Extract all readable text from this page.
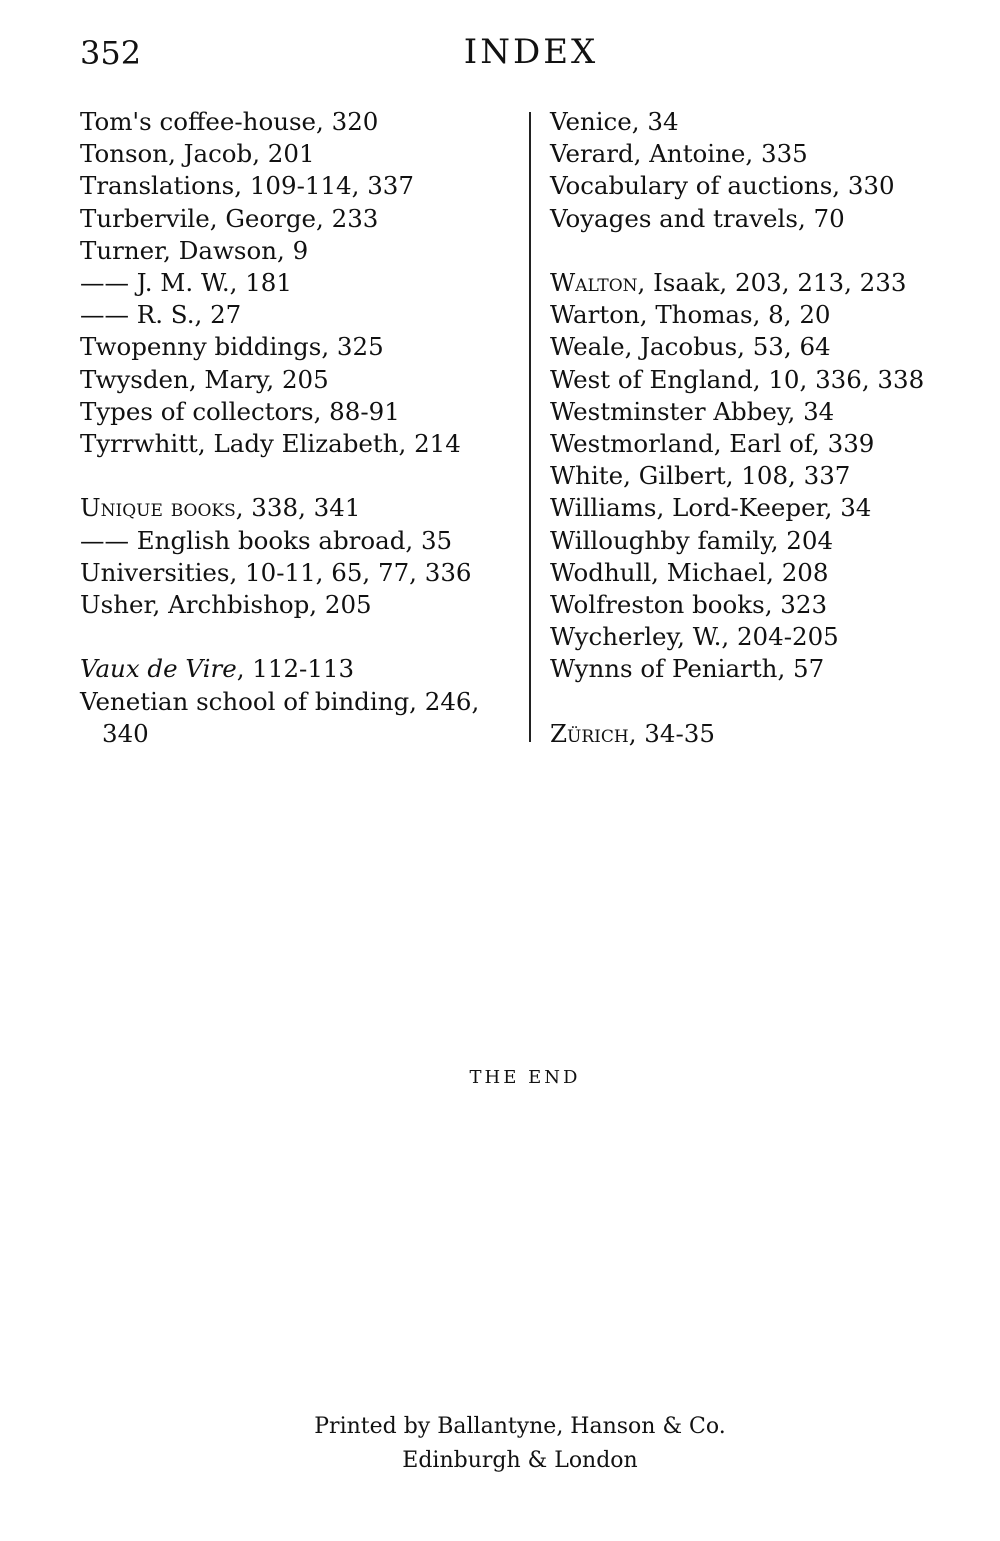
352	INDEX
Tom's coffee-house, 320
Tonson, Jacob, 201
Translations, 109-114, 337
Turbervile, George, 233
Turner, Dawson, 9
—— J. M. W., 181
—— R. S., 27
Twopenny biddings, 325
Twysden, Mary, 205
Types of collectors, 88-91
Tyrrwhitt, Lady Elizabeth, 214
Unique books, 338, 341
—— English books abroad, 35
Universities, 10-11, 65, 77, 336
Usher, Archbishop, 205
Vaux de Vire, 112-113
Venetian school of binding, 246, 340
Venice, 34
Verard, Antoine, 335
Vocabulary of auctions, 330
Voyages and travels, 70
Walton, Isaak, 203, 213, 233
Warton, Thomas, 8, 20
Weale, Jacobus, 53, 64
West of England, 10, 336, 338
Westminster Abbey, 34
Westmorland, Earl of, 339
White, Gilbert, 108, 337
Williams, Lord-Keeper, 34
Willoughby family, 204
Wodhull, Michael, 208
Wolfreston books, 323
Wycherley, W., 204-205
Wynns of Peniarth, 57
Zürich, 34-35
THE END
Printed by Ballantyne, Hanson & Co.
Edinburgh & London
